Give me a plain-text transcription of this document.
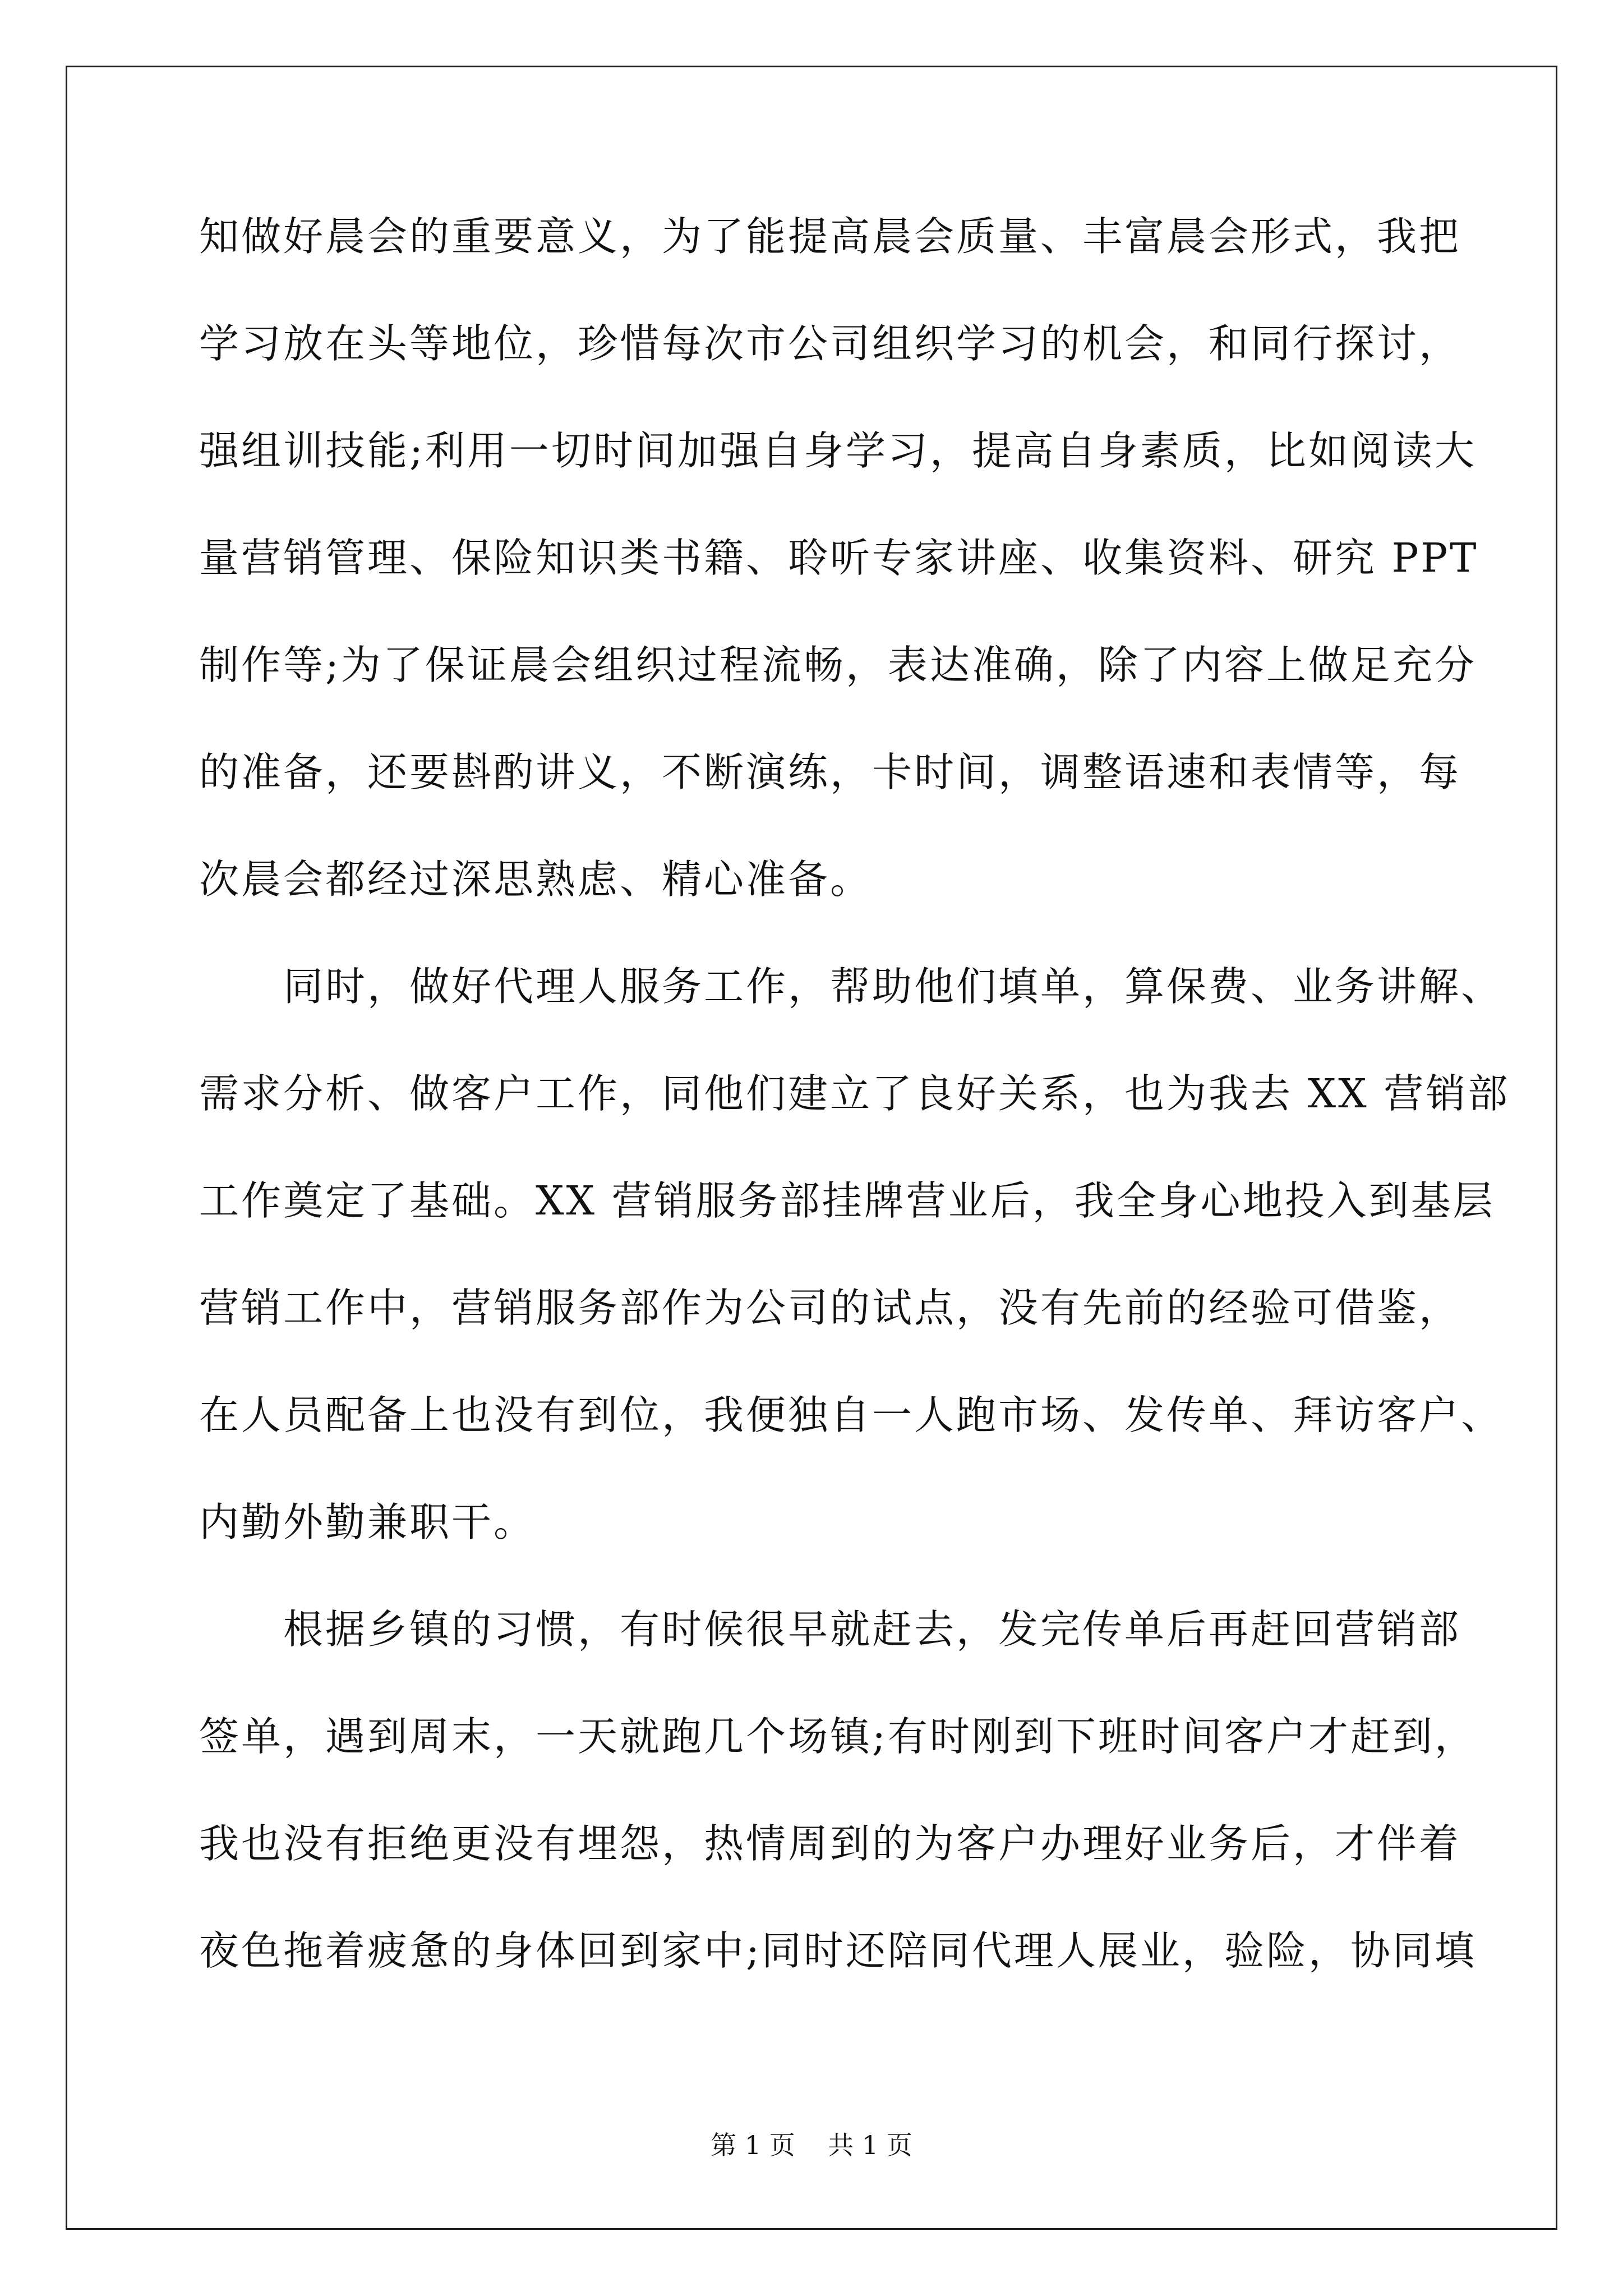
知做好晨会的重要意义，为了能提高晨会质量、丰富晨会形式，我把
学习放在头等地位，珍惜每次市公司组织学习的机会，和同行探讨，
强组训技能;利用一切时间加强自身学习，提高自身素质，比如阅读大
量营销管理、保险知识类书籍、聆听专家讲座、收集资料、研究 PPT
制作等;为了保证晨会组织过程流畅，表达准确，除了内容上做足充分
的准备，还要斟酌讲义，不断演练，卡时间，调整语速和表情等，每
次晨会都经过深思熟虑、精心准备。
同时，做好代理人服务工作，帮助他们填单，算保费、业务讲解、
需求分析、做客户工作，同他们建立了良好关系，也为我去 XX 营销部
工作奠定了基础。XX 营销服务部挂牌营业后，我全身心地投入到基层
营销工作中，营销服务部作为公司的试点，没有先前的经验可借鉴，
在人员配备上也没有到位，我便独自一人跑市场、发传单、拜访客户、
内勤外勤兼职干。
根据乡镇的习惯，有时候很早就赶去，发完传单后再赶回营销部
签单，遇到周末，一天就跑几个场镇;有时刚到下班时间客户才赶到，
我也没有拒绝更没有埋怨，热情周到的为客户办理好业务后，才伴着
夜色拖着疲惫的身体回到家中;同时还陪同代理人展业，验险，协同填
第 1 页    共 1 页
